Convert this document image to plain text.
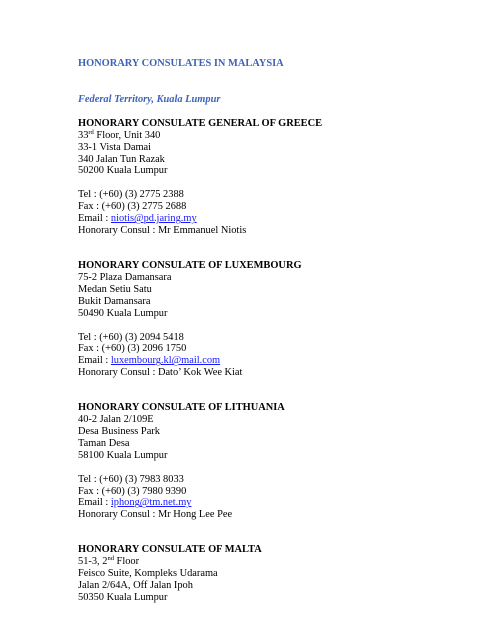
HONORARY CONSULATES IN MALAYSIA

Federal Territory, Kuala Lumpur

HONORARY CONSULATE GENERAL OF GREECE

33rd Floor, Unit 340

33-1 Vista Damai

340 Jalan Tun Razak

50200 Kuala Lumpur

Tel : (+60) (3) 2775 2388

Fax : (+60) (3) 2775 2688

Email : niotis@pd.jaring.my

Honorary Consul : Mr Emmanuel Niotis

HONORARY CONSULATE OF LUXEMBOURG

75-2 Plaza Damansara

Medan Setiu Satu

Bukit Damansara

50490 Kuala Lumpur

Tel : (+60) (3) 2094 5418

Fax : (+60) (3) 2096 1750

Email : luxembourg.kl@mail.com

Honorary Consul : Dato’ Kok Wee Kiat

HONORARY CONSULATE OF LITHUANIA

40-2 Jalan 2/109E

Desa Business Park

Taman Desa

58100 Kuala Lumpur

Tel : (+60) (3) 7983 8033

Fax : (+60) (3) 7980 9390

Email : iphong@tm.net.my

Honorary Consul : Mr Hong Lee Pee

HONORARY CONSULATE OF MALTA

51-3, 2nd Floor

Feisco Suite, Kompleks Udarama

Jalan 2/64A, Off Jalan Ipoh

50350 Kuala Lumpur
